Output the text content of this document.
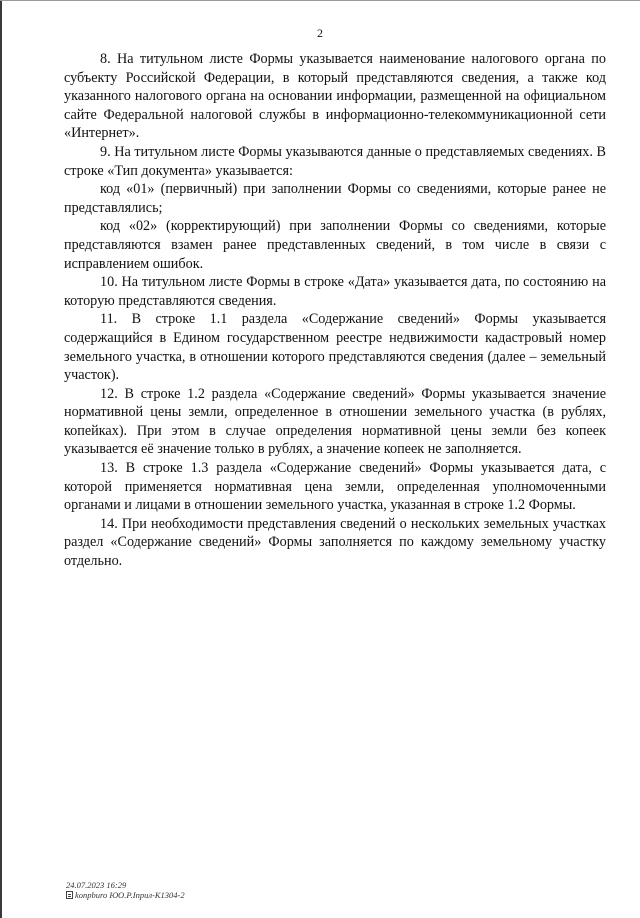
2

8. На титульном листе Формы указывается наименование налогового органа по субъекту Российской Федерации, в который представляются сведения, а также код указанного налогового органа на основании информации, размещенной на официальном сайте Федеральной налоговой службы в информационно-телекоммуникационной сети «Интернет».

9. На титульном листе Формы указываются данные о представляемых сведениях. В строке «Тип документа» указывается:

код «01» (первичный) при заполнении Формы со сведениями, которые ранее не представлялись;

код «02» (корректирующий) при заполнении Формы со сведениями, которые представляются взамен ранее представленных сведений, в том числе в связи с исправлением ошибок.

10. На титульном листе Формы в строке «Дата» указывается дата, по состоянию на которую представляются сведения.

11. В строке 1.1 раздела «Содержание сведений» Формы указывается содержащийся в Едином государственном реестре недвижимости кадастровый номер земельного участка, в отношении которого представляются сведения (далее – земельный участок).

12. В строке 1.2 раздела «Содержание сведений» Формы указывается значение нормативной цены земли, определенное в отношении земельного участка (в рублях, копейках). При этом в случае определения нормативной цены земли без копеек указывается её значение только в рублях, а значение копеек не заполняется.

13. В строке 1.3 раздела «Содержание сведений» Формы указывается дата, с которой применяется нормативная цена земли, определенная уполномоченными органами и лицами в отношении земельного участка, указанная в строке 1.2 Формы.

14. При необходимости представления сведений о нескольких земельных участках раздел «Содержание сведений» Формы заполняется по каждому земельному участку отдельно.

24.07.2023 16:29
konpburo ЮО.Р.Iприл-К1304-2
